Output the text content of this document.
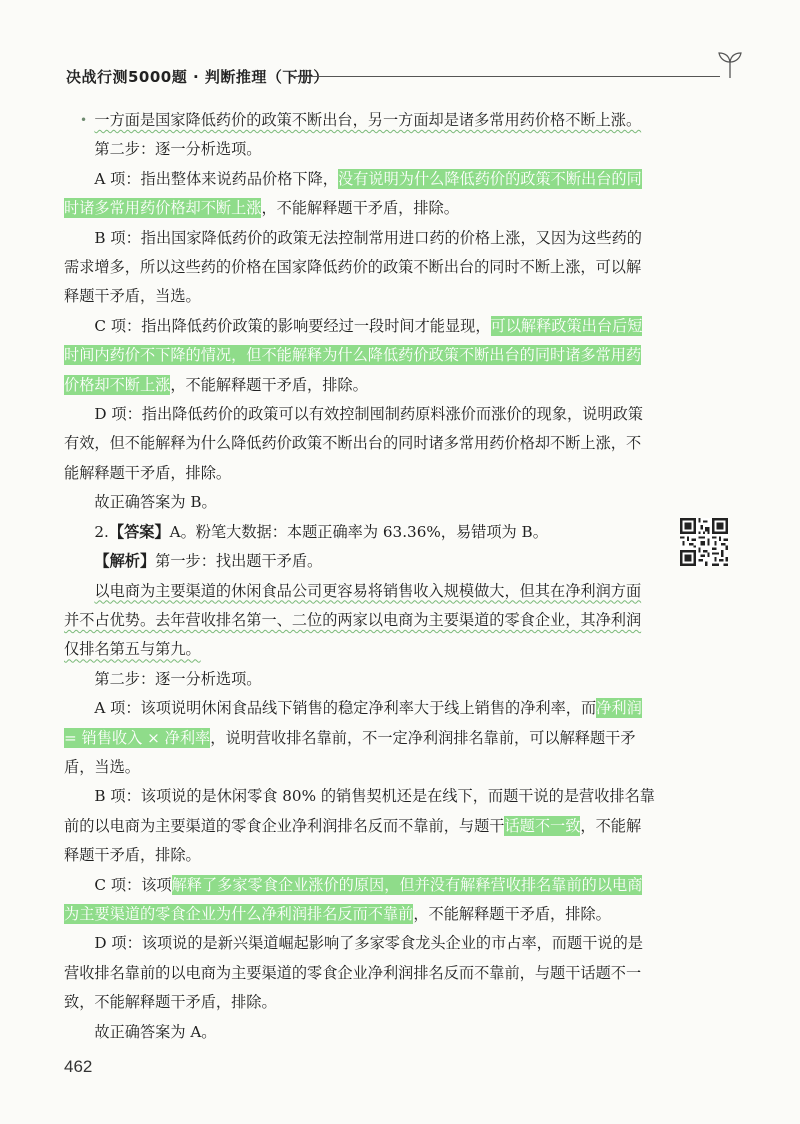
决战行测5000题 · 判断推理（下册）
• 一方面是国家降低药价的政策不断出台，另一方面却是诸多常用药价格不断上涨。

第二步：逐一分析选项。

A 项：指出整体来说药品价格下降，没有说明为什么降低药价的政策不断出台的同时诸多常用药价格却不断上涨，不能解释题干矛盾，排除。

B 项：指出国家降低药价的政策无法控制常用进口药的价格上涨，又因为这些药的需求增多，所以这些药的价格在国家降低药价的政策不断出台的同时不断上涨，可以解释题干矛盾，当选。

C 项：指出降低药价政策的影响要经过一段时间才能显现，可以解释政策出台后短时间内药价不下降的情况，但不能解释为什么降低药价政策不断出台的同时诸多常用药价格却不断上涨，不能解释题干矛盾，排除。

D 项：指出降低药价的政策可以有效控制囤制药原料涨价而涨价的现象，说明政策有效，但不能解释为什么降低药价政策不断出台的同时诸多常用药价格却不断上涨，不能解释题干矛盾，排除。

故正确答案为 B。

2.【答案】A。粉笔大数据：本题正确率为 63.36%，易错项为 B。

【解析】第一步：找出题干矛盾。

以电商为主要渠道的休闲食品公司更容易将销售收入规模做大，但其在净利润方面并不占优势。去年营收排名第一、二位的两家以电商为主要渠道的零食企业，其净利润仅排名第五与第九。

第二步：逐一分析选项。

A 项：该项说明休闲食品线下销售的稳定净利率大于线上销售的净利率，而净利润 = 销售收入 × 净利率，说明营收排名靠前，不一定净利润排名靠前，可以解释题干矛盾，当选。

B 项：该项说的是休闲零食 80% 的销售契机还是在线下，而题干说的是营收排名靠前的以电商为主要渠道的零食企业净利润排名反而不靠前，与题干话题不一致，不能解释题干矛盾，排除。

C 项：该项解释了多家零食企业涨价的原因，但并没有解释营收排名靠前的以电商为主要渠道的零食企业为什么净利润排名反而不靠前，不能解释题干矛盾，排除。

D 项：该项说的是新兴渠道崛起影响了多家零食龙头企业的市占率，而题干说的是营收排名靠前的以电商为主要渠道的零食企业净利润排名反而不靠前，与题干话题不一致，不能解释题干矛盾，排除。

故正确答案为 A。

462
